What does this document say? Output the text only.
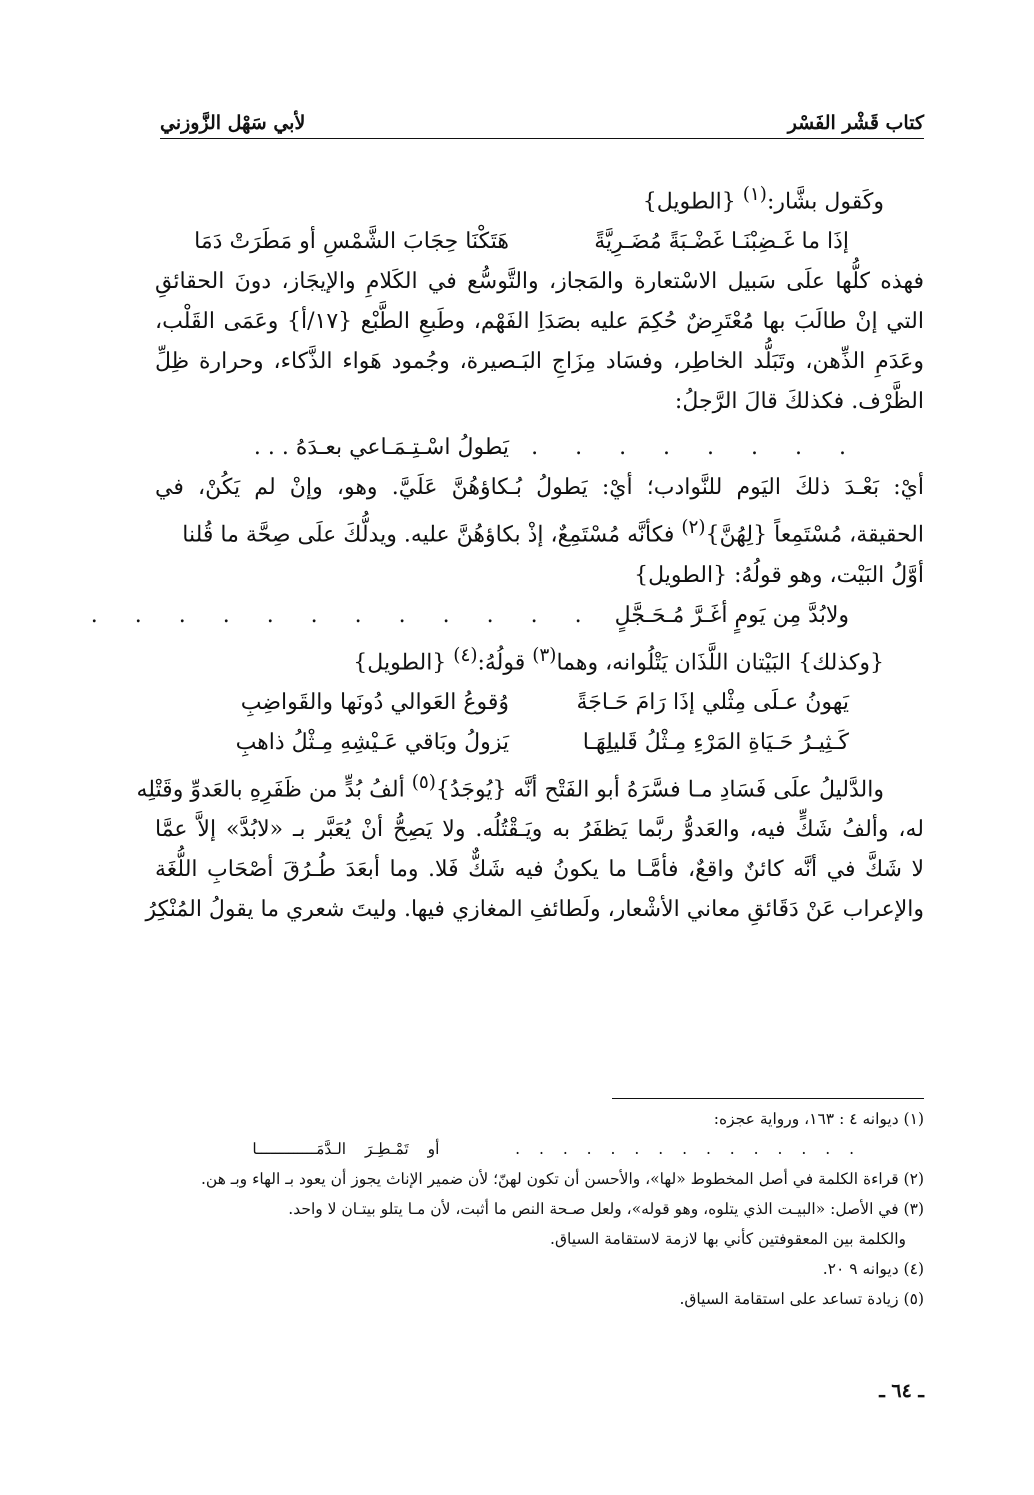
كتاب قَشْر الفَسْر
لأبي سَهْل الزَّوزني
وكَقول بشَّار:$^{(١)}$ {الطويل}
إذَا ما غَـضِبْنَـا غَضْـبَةً مُضَـرِيَّةً
هَتَكْنَا حِجَابَ الشَّمْسِ أو مَطَرَتْ دَمَا
فهذه كلُّها علَى سَبيل الاسْتعارة والمَجاز، والتَّوسُّع في الكَلامِ والإيجَاز، دونَ الحقائقِ
التي إنْ طالَبَ بها مُعْتَرِضٌ حُكِمَ عليه بصَدَاِ الفَهْم، وطَبعِ الطَّبْع {١٧/أ} وعَمَى القَلْب،
وعَدَمِ الذِّهن، وتَبَلُّد الخاطِر، وفسَاد مِزَاجِ البَـصيرة، وجُمود هَواء الذَّكاء، وحرارة ظِلِّ
الظَّرْف. فكذلكَ قالَ الرَّجلُ:
. . . . . . . . .
يَطولُ اسْـتِـمَـاعي بعـدَهُ . . .
أيْ: بَعْـدَ ذلكَ اليَوم للنَّوادب؛ أيْ: يَطولُ بُـكاؤهُنَّ عَلَيَّ. وهو، وإنْ لم يَكُنْ، في
الحقيقة، مُسْتَمِعاً {لِهُنَّ}$^{(٢)}$ فكأنَّه مُسْتَمِعٌ، إذْ بكاؤهُنَّ عليه. ويدلُّكَ علَى صِحَّة ما قُلنا
أوَّلُ البَيْت، وهو قولُهُ: {الطويل}
ولابُدَّ مِن يَومٍ أغَـرَّ مُـحَـجَّلٍ
. . . . . . . . . . . .
{وكذلك} البَيْتان اللَّذَان يَتْلُوانه، وهما$^{(٣)}$ قولُهُ:$^{(٤)}$ {الطويل}
يَهونُ عـلَى مِثْلي إذَا رَامَ حَـاجَةً
وُقوعُ العَوالي دُونَها والقَواضِبِ
كَـثِيـرُ حَـيَاةِ المَرْءِ مِـثْلُ قَليلِهَـا
يَزولُ وبَاقي عَـيْشِهِ مِـثْلُ ذاهبِ
والدَّليلُ علَى فَسَادِ مـا فسَّرَهُ أبو الفَتْح أنَّه {يُوجَدُ}$^{(٥)}$ ألفُ بُدٍّ من ظَفَرِهِ بالعَدوِّ وقَتْلِه
له، وألفُ شَكٍّ فيه، والعَدوُّ ربَّما يَظفَرُ به ويَـقْتُلُه. ولا يَصِحُّ أنْ يُعَبَّر بـ «لابُدَّ» إلاَّ عمَّا
لا شَكَّ في أنَّه كائنٌ واقعٌ، فأمَّـا ما يكونُ فيه شَكٌّ فَلا. وما أبعَدَ طُـرُقَ أصْحَابِ اللُّغَة
والإعراب عَنْ دَقَائقِ معاني الأشْعار، ولَطائفِ المغازي فيها. وليتَ شعري ما يقولُ المُنْكِرُ
(١) ديوانه ٤ : ١٦٣، ورواية عجزه:
. . . . . . . . . . . . . . .    أو تَمْـطِـرَ الـدَّمَـــــــــــــا
(٢) قراءة الكلمة في أصل المخطوط «لها»، والأحسن أن تكون لهنّ؛ لأن ضمير الإناث يجوز أن يعود بـ الهاء وبـ هن.
(٣) في الأصل: «البيـت الذي يتلوه، وهو قوله»، ولعل صـحة النص ما أثبت، لأن مـا يتلو بيتـان لا واحد.
والكلمة بين المعقوفتين كأني بها لازمة لاستقامة السياق.
(٤) ديوانه ٩ ٢٠.
(٥) زيادة تساعد على استقامة السياق.
ـ ٦٤ ـ
